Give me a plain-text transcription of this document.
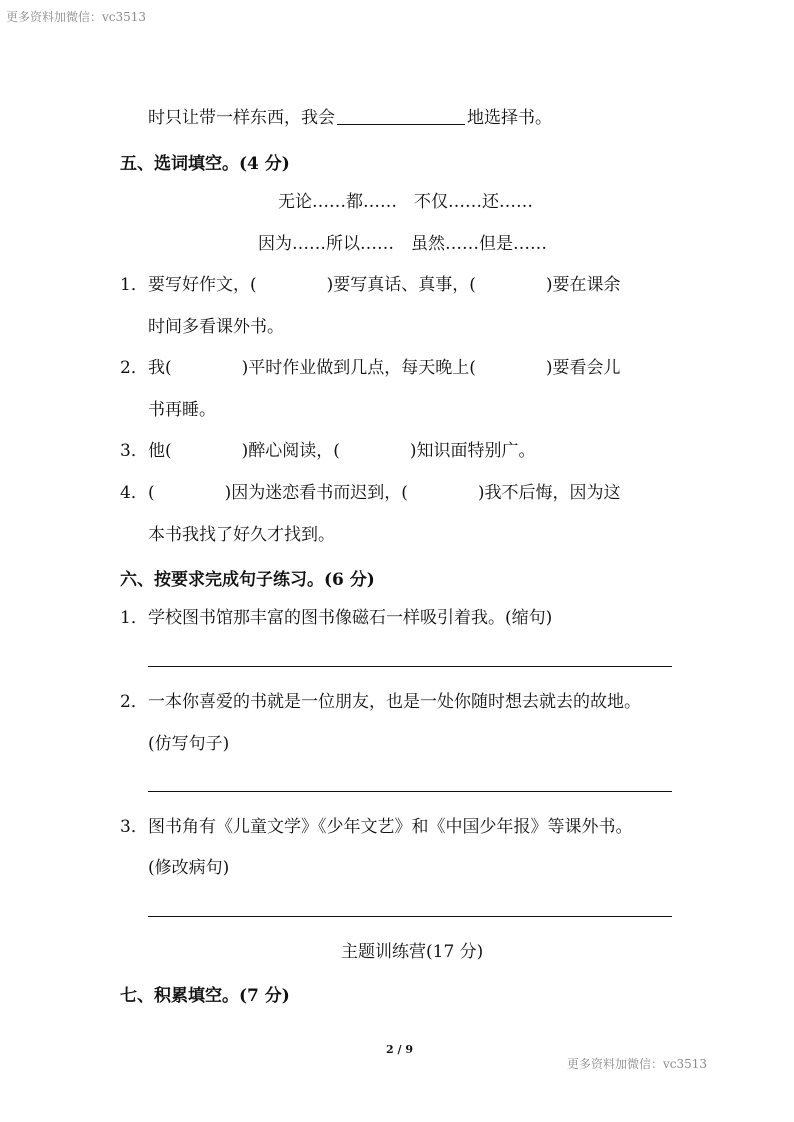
更多资料加微信：vc3513
时只让带一样东西，我会	地选择书。
五、选词填空。(4 分)
无论……都……　不仅……还……
因为……所以……　虽然……但是……
1．要写好作文，(	)要写真话、真事，(	)要在课余
时间多看课外书。
2．我(	)平时作业做到几点，每天晚上(	)要看会儿
书再睡。
3．他(	)醉心阅读，(	)知识面特别广。
4．(	)因为迷恋看书而迟到，(	)我不后悔，因为这
本书我找了好久才找到。
六、按要求完成句子练习。(6 分)
1．学校图书馆那丰富的图书像磁石一样吸引着我。(缩句)
2．一本你喜爱的书就是一位朋友，也是一处你随时想去就去的故地。
(仿写句子)
3．图书角有《儿童文学》《少年文艺》和《中国少年报》等课外书。
(修改病句)
主题训练营(17 分)
七、积累填空。(7 分)
2 / 9
更多资料加微信：vc3513
